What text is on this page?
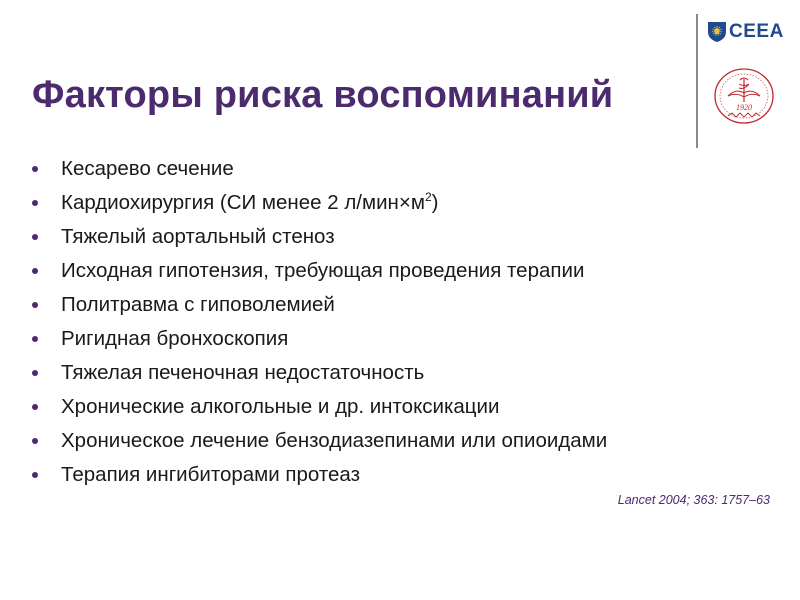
Факторы риска воспоминаний
CEEA
1920
Кесарево сечение
Кардиохирургия (СИ менее 2 $л/мин\times м^2$)
Тяжелый аортальный стеноз
Исходная гипотензия, требующая проведения терапии
Политравма с гиповолемией
Ригидная бронхоскопия
Тяжелая печеночная недостаточность
Хронические алкогольные и др. интоксикации
Хроническое лечение бензодиазепинами или опиоидами
Терапия ингибиторами протеаз
Lancet 2004; 363: 1757–63
